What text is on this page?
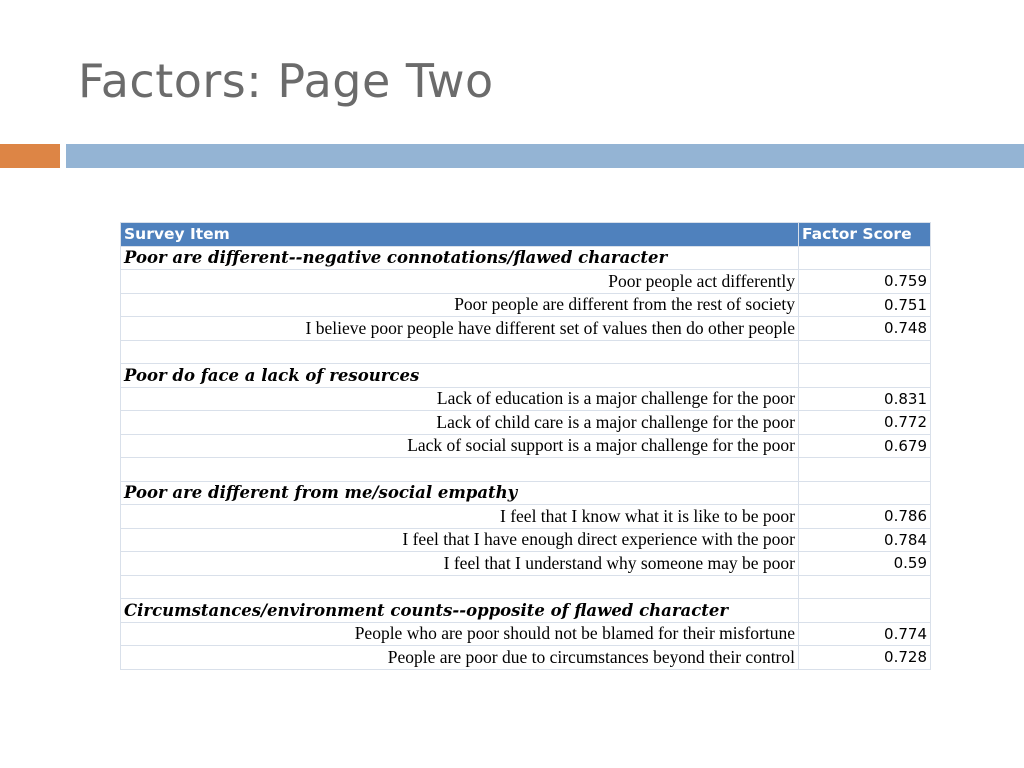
Factors: Page Two
Survey Item	Factor Score
Poor are different--negative connotations/flawed character	
Poor people act differently	0.759
Poor people are different from the rest of society	0.751
I believe poor people have different set of values then do other people	0.748

Poor do face a lack of resources	
Lack of education is a major challenge for the poor	0.831
Lack of child care is a major challenge for the poor	0.772
Lack of social support is a major challenge for the poor	0.679

Poor are different from me/social empathy	
I feel that I know what it is like to be poor	0.786
I feel that I have enough direct experience with the poor	0.784
I feel that I understand why someone may be poor	0.59

Circumstances/environment counts--opposite of flawed character	
People who are poor should not be blamed for their misfortune	0.774
People are poor due to circumstances beyond their control	0.728
